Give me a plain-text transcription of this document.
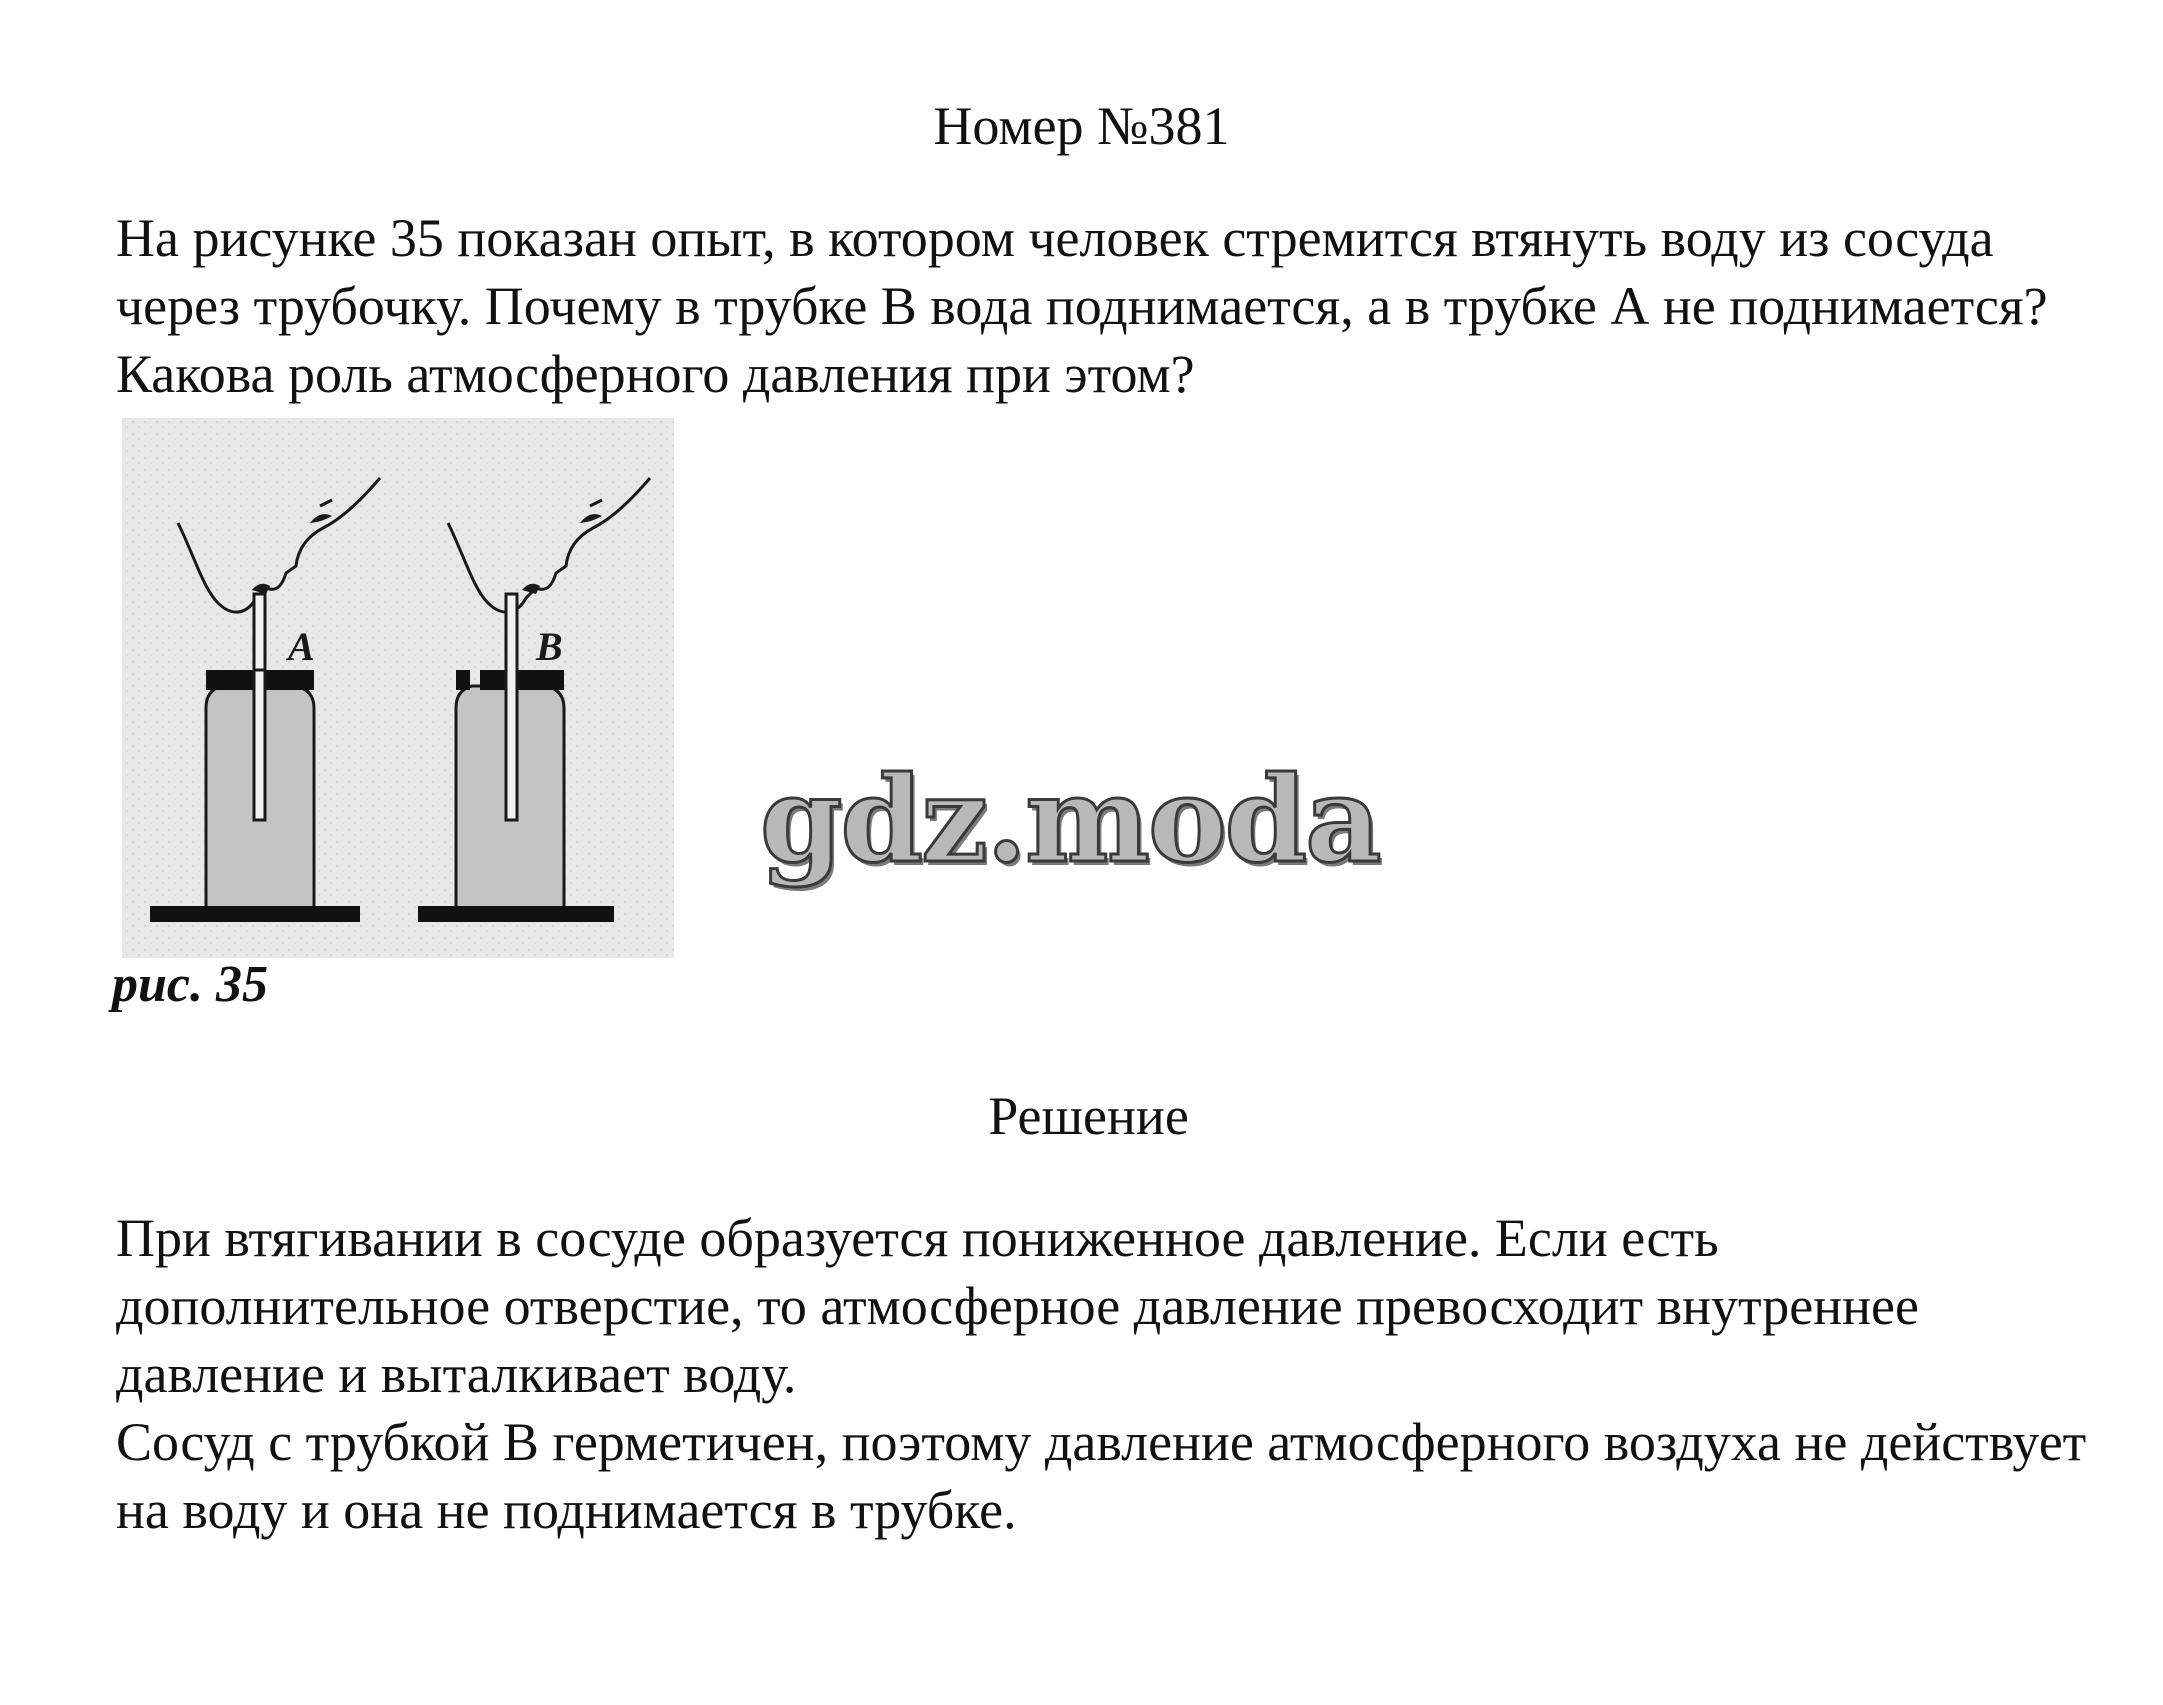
Номер №381

На рисунке 35 показан опыт, в котором человек стремится втянуть воду из сосуда через трубочку. Почему в трубке В вода поднимается, а в трубке А не поднимается? Какова роль атмосферного давления при этом?

A	B
рис. 35
gdz.moda
Решение

При втягивании в сосуде образуется пониженное давление. Если есть дополнительное отверстие, то атмосферное давление превосходит внутреннее давление и выталкивает воду.

Сосуд с трубкой В герметичен, поэтому давление атмосферного воздуха не действует на воду и она не поднимается в трубке.
